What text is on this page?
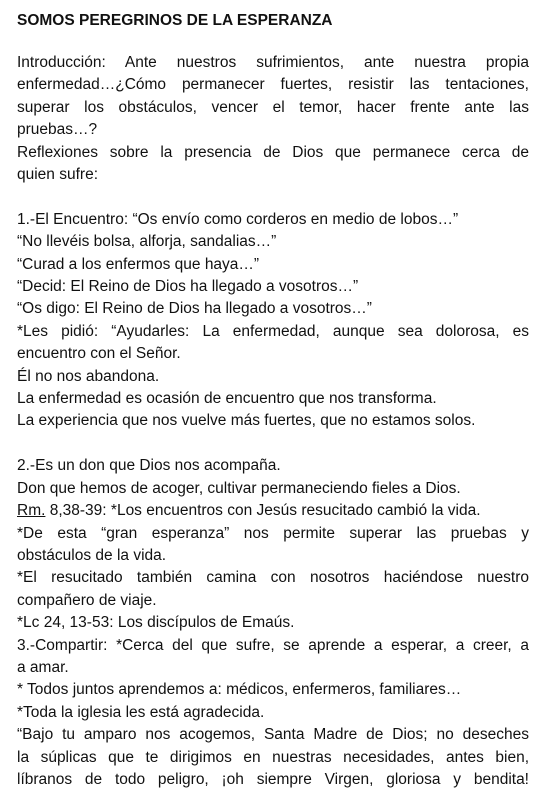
SOMOS PEREGRINOS DE LA ESPERANZA
Introducción: Ante nuestros sufrimientos, ante nuestra propia
enfermedad…¿Cómo permanecer fuertes, resistir las tentaciones,
superar los obstáculos, vencer el temor, hacer frente ante las
pruebas…?
Reflexiones sobre la presencia de Dios que permanece cerca de
quien sufre:
1.-El Encuentro: “Os envío como corderos en medio de lobos…”
“No llevéis bolsa, alforja, sandalias…”
“Curad a los enfermos que haya…”
“Decid: El Reino de Dios ha llegado a vosotros…”
“Os digo: El Reino de Dios ha llegado a vosotros…”
*Les pidió: “Ayudarles: La enfermedad, aunque sea dolorosa, es
encuentro con el Señor.
Él no nos abandona.
La enfermedad es ocasión de encuentro que nos transforma.
La experiencia que nos vuelve más fuertes, que no estamos solos.
2.-Es un don que Dios nos acompaña.
Don que hemos de acoger, cultivar permaneciendo fieles a Dios.
Rm. 8,38-39: *Los encuentros con Jesús resucitado cambió la vida.
*De esta “gran esperanza” nos permite superar las pruebas y
obstáculos de la vida.
*El resucitado también camina con nosotros haciéndose nuestro
compañero de viaje.
*Lc 24, 13-53: Los discípulos de Emaús.
3.-Compartir: *Cerca del que sufre, se aprende a esperar, a creer, a
a amar.
* Todos juntos aprendemos a: médicos, enfermeros, familiares…
*Toda la iglesia les está agradecida.
“Bajo tu amparo nos acogemos, Santa Madre de Dios; no deseches
la súplicas que te dirigimos en nuestras necesidades, antes bien,
líbranos de todo peligro, ¡oh siempre Virgen, gloriosa y bendita!
